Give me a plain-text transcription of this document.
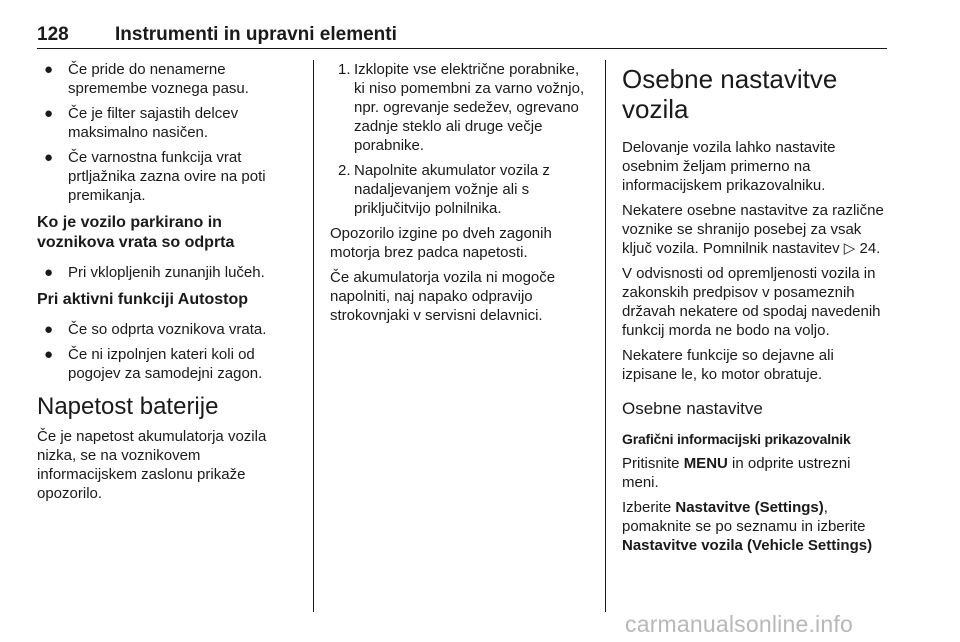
128 Instrumenti in upravni elementi
● Če pride do nenamerne spremembe voznega pasu.
● Če je filter sajastih delcev maksimalno nasičen.
● Če varnostna funkcija vrat prtljažnika zazna ovire na poti premikanja.
Ko je vozilo parkirano in voznikova vrata so odprta
● Pri vklopljenih zunanjih lučeh.
Pri aktivni funkciji Autostop
● Če so odprta voznikova vrata.
● Če ni izpolnjen kateri koli od pogojev za samodejni zagon.
Napetost baterije

Če je napetost akumulatorja vozila nizka, se na voznikovem informacijskem zaslonu prikaže opozorilo.

1. Izklopite vse električne porabnike, ki niso pomembni za varno vožnjo, npr. ogrevanje sedežev, ogrevano zadnje steklo ali druge večje porabnike.
2. Napolnite akumulator vozila z nadaljevanjem vožnje ali s priključitvijo polnilnika.

Opozorilo izgine po dveh zagonih motorja brez padca napetosti.

Če akumulatorja vozila ni mogoče napolniti, naj napako odpravijo strokovnjaki v servisni delavnici.

Osebne nastavitve vozila

Delovanje vozila lahko nastavite osebnim željam primerno na informacijskem prikazovalniku.

Nekatere osebne nastavitve za različne voznike se shranijo posebej za vsak ključ vozila. Pomnilnik nastavitev ▷ 24.

V odvisnosti od opremljenosti vozila in zakonskih predpisov v posameznih državah nekatere od spodaj navedenih funkcij morda ne bodo na voljo.

Nekatere funkcije so dejavne ali izpisane le, ko motor obratuje.

Osebne nastavitve
Grafični informacijski prikazovalnik

Pritisnite MENU in odprite ustrezni meni.

Izberite Nastavitve (Settings), pomaknite se po seznamu in izberite Nastavitve vozila (Vehicle Settings)

carmanualsonline.info
